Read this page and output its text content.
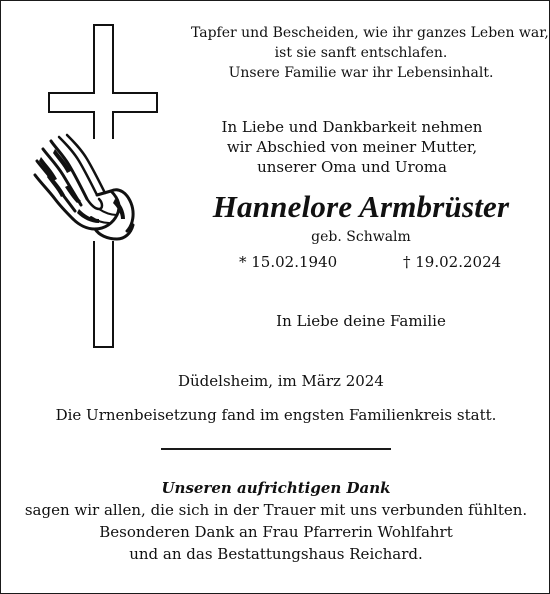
Tapfer und Bescheiden, wie ihr ganzes Leben war,
ist sie sanft entschlafen.
Unsere Familie war ihr Lebensinhalt.
In Liebe und Dankbarkeit nehmen
wir Abschied von meiner Mutter,
unserer Oma und Uroma
Hannelore Armbrüster
geb. Schwalm
* 15.02.1940	† 19.02.2024
In Liebe deine Familie
Düdelsheim, im März 2024
Die Urnenbeisetzung fand im engsten Familienkreis statt.
Unseren aufrichtigen Dank
sagen wir allen, die sich in der Trauer mit uns verbunden fühlten.
Besonderen Dank an Frau Pfarrerin Wohlfahrt
und an das Bestattungshaus Reichard.
